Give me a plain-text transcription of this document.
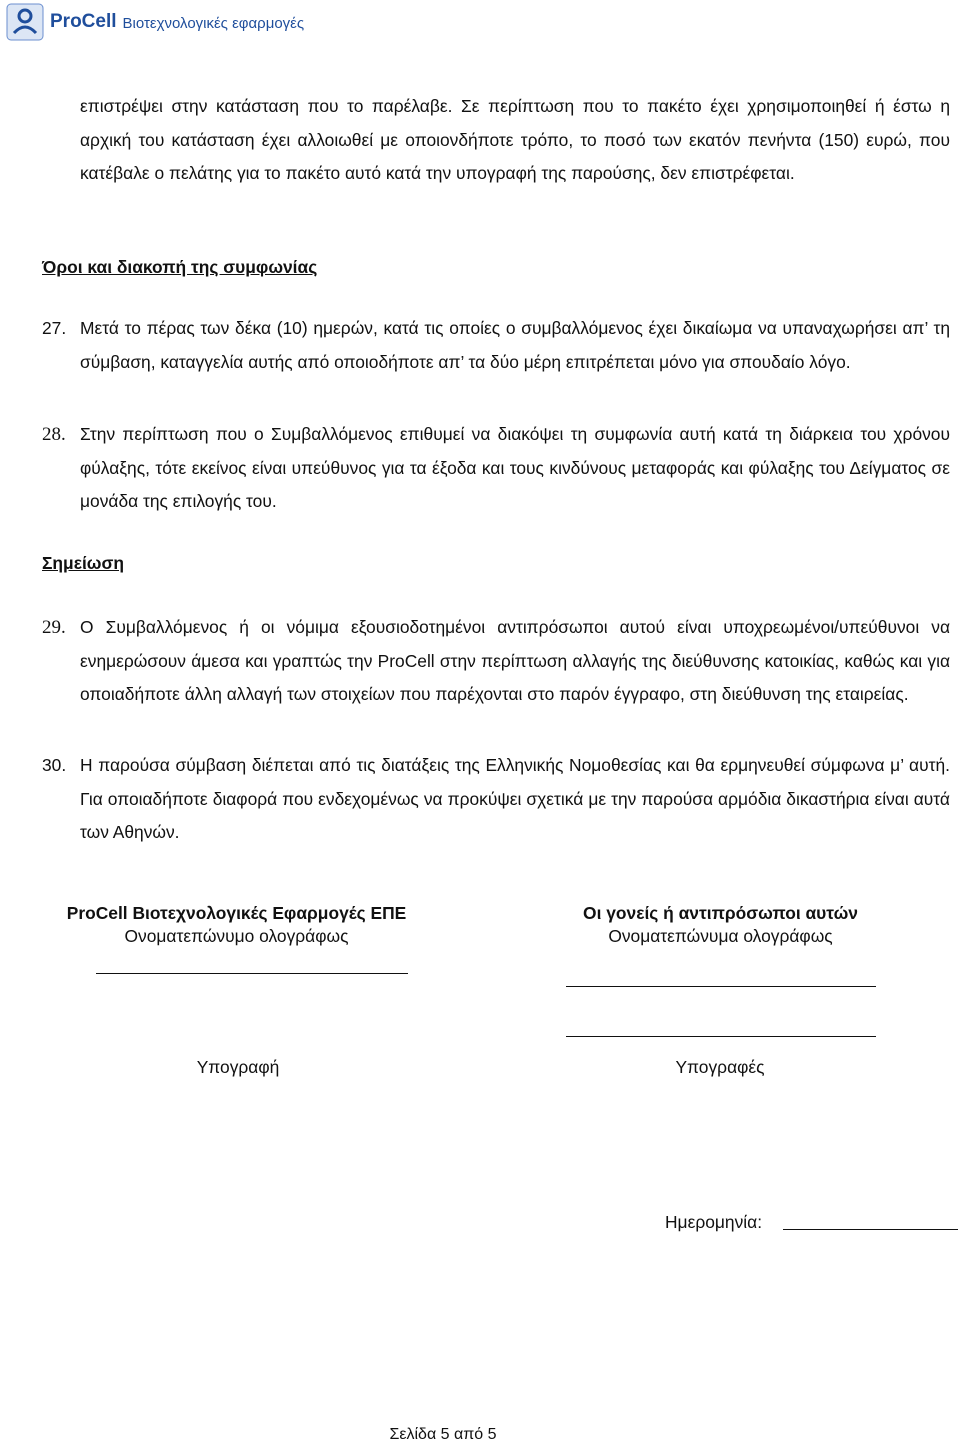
ProCell Βιοτεχνολογικές εφαρμογές
επιστρέψει στην κατάσταση που το παρέλαβε. Σε περίπτωση που το πακέτο έχει χρησιμοποιηθεί ή έστω η αρχική του κατάσταση έχει αλλοιωθεί με οποιονδήποτε τρόπο, το ποσό των εκατόν πενήντα (150) ευρώ, που κατέβαλε ο πελάτης για το πακέτο αυτό κατά την υπογραφή της παρούσης, δεν επιστρέφεται.
Όροι και διακοπή της συμφωνίας
27. Μετά το πέρας των δέκα (10) ημερών, κατά τις οποίες ο συμβαλλόμενος έχει δικαίωμα να υπαναχωρήσει απ’ τη σύμβαση, καταγγελία αυτής από οποιοδήποτε απ’ τα δύο μέρη επιτρέπεται μόνο για σπουδαίο λόγο.
28. Στην περίπτωση που ο Συμβαλλόμενος επιθυμεί να διακόψει τη συμφωνία αυτή κατά τη διάρκεια του χρόνου φύλαξης, τότε εκείνος είναι υπεύθυνος για τα έξοδα και τους κινδύνους μεταφοράς και φύλαξης του Δείγματος σε μονάδα της επιλογής του.
Σημείωση
29. Ο Συμβαλλόμενος ή οι νόμιμα εξουσιοδοτημένοι αντιπρόσωποι αυτού είναι υποχρεωμένοι/υπεύθυνοι να ενημερώσουν άμεσα και γραπτώς την ProCell στην περίπτωση αλλαγής της διεύθυνσης κατοικίας, καθώς και για οποιαδήποτε άλλη αλλαγή των στοιχείων που παρέχονται στο παρόν έγγραφο, στη διεύθυνση της εταιρείας.
30. Η παρούσα σύμβαση διέπεται από τις διατάξεις της Ελληνικής Νομοθεσίας και θα ερμηνευθεί σύμφωνα μ’ αυτή. Για οποιαδήποτε διαφορά που ενδεχομένως να προκύψει σχετικά με την παρούσα αρμόδια δικαστήρια είναι αυτά των Αθηνών.
ProCell Βιοτεχνολογικές Εφαρμογές ΕΠΕ
Ονοματεπώνυμο ολογράφως
Υπογραφή
Οι γονείς ή αντιπρόσωποι αυτών
Ονοματεπώνυμα ολογράφως
Υπογραφές
Ημερομηνία:
Σελίδα 5 από 5
